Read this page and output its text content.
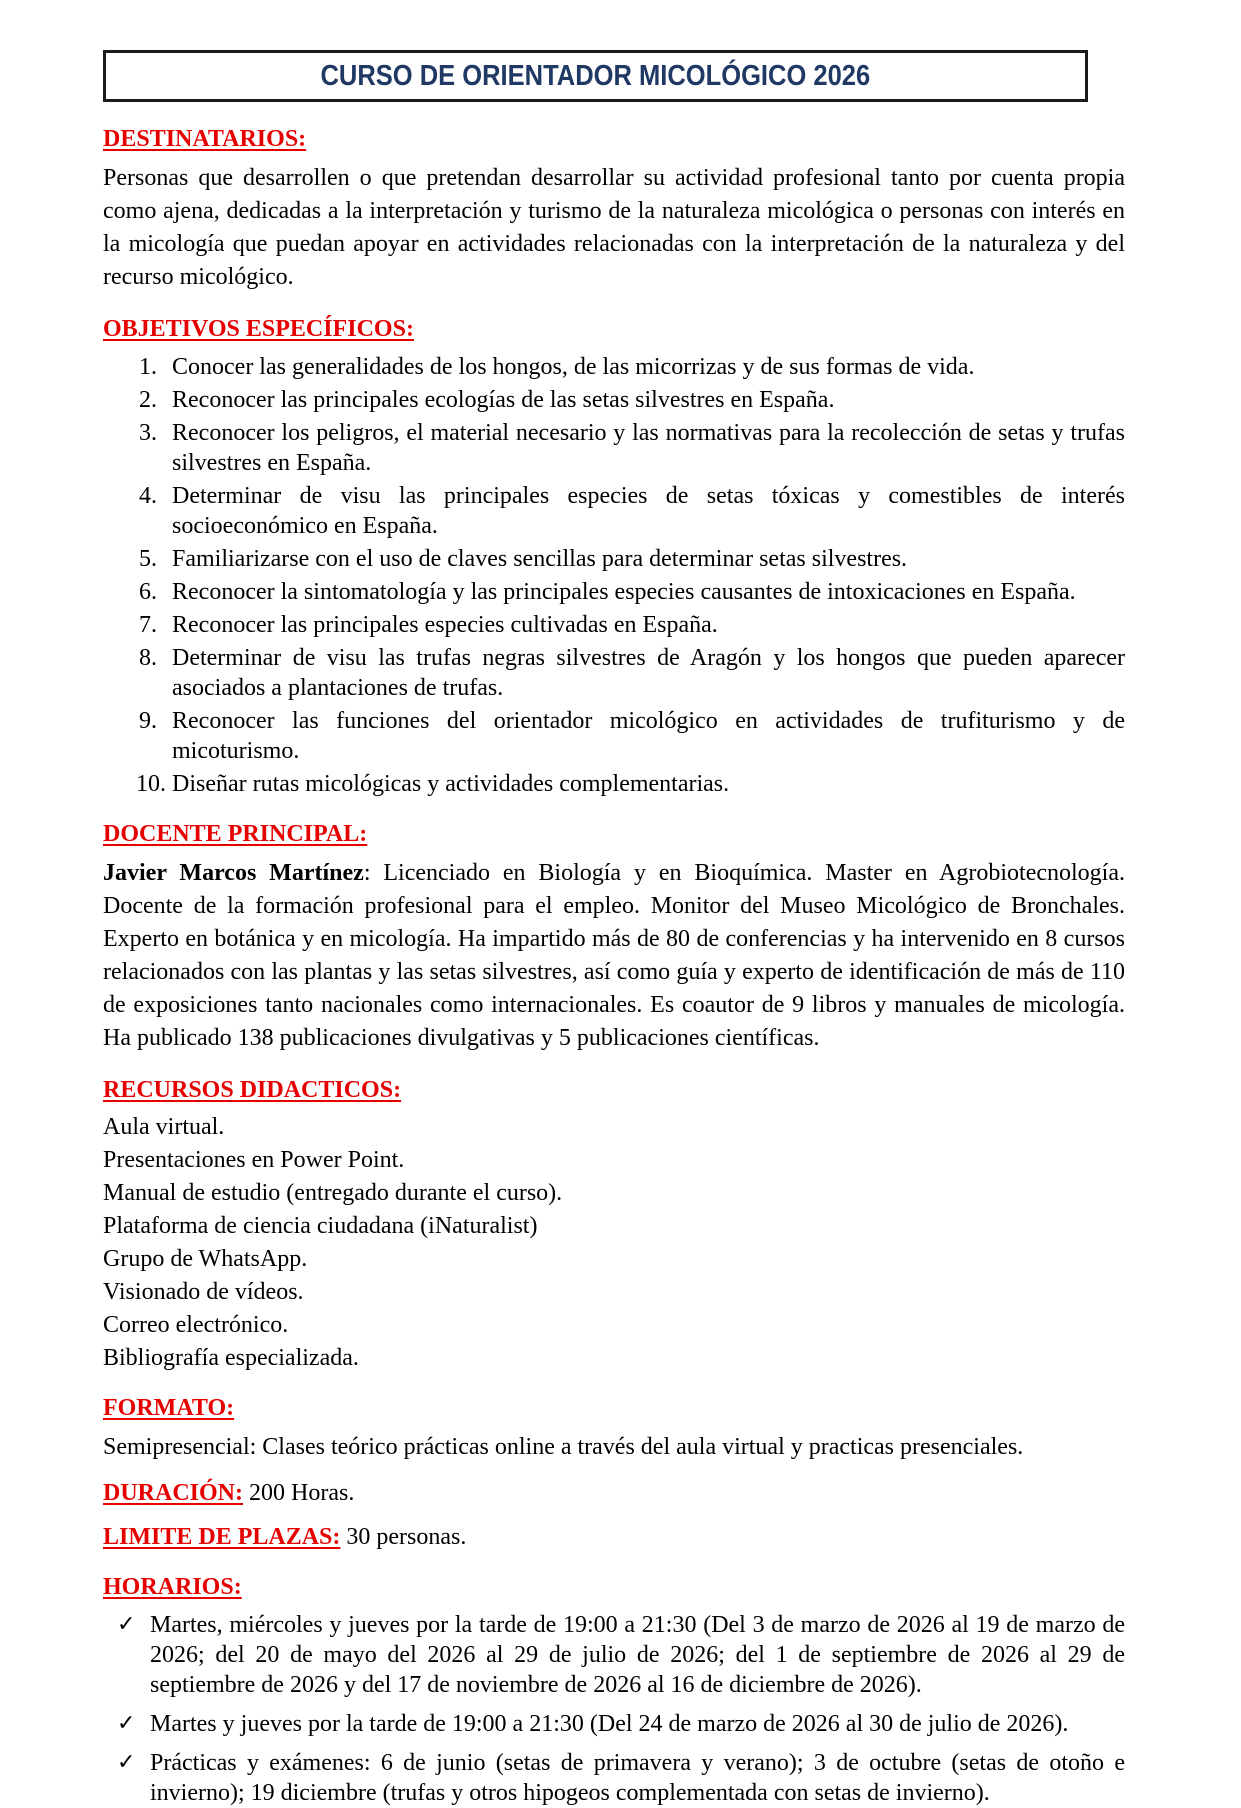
CURSO DE ORIENTADOR MICOLÓGICO 2026
DESTINATARIOS:

Personas que desarrollen o que pretendan desarrollar su actividad profesional tanto por cuenta propia como ajena, dedicadas a la interpretación y turismo de la naturaleza micológica o personas con interés en la micología que puedan apoyar en actividades relacionadas con la interpretación de la naturaleza y del recurso micológico.

OBJETIVOS ESPECÍFICOS:
1. Conocer las generalidades de los hongos, de las micorrizas y de sus formas de vida.
2. Reconocer las principales ecologías de las setas silvestres en España.
3. Reconocer los peligros, el material necesario y las normativas para la recolección de setas y trufas silvestres en España.
4. Determinar de visu las principales especies de setas tóxicas y comestibles de interés socioeconómico en España.
5. Familiarizarse con el uso de claves sencillas para determinar setas silvestres.
6. Reconocer la sintomatología y las principales especies causantes de intoxicaciones en España.
7. Reconocer las principales especies cultivadas en España.
8. Determinar de visu las trufas negras silvestres de Aragón y los hongos que pueden aparecer asociados a plantaciones de trufas.
9. Reconocer las funciones del orientador micológico en actividades de trufiturismo y de micoturismo.
10. Diseñar rutas micológicas y actividades complementarias.
DOCENTE PRINCIPAL:

Javier Marcos Martínez: Licenciado en Biología y en Bioquímica. Master en Agrobiotecnología. Docente de la formación profesional para el empleo. Monitor del Museo Micológico de Bronchales. Experto en botánica y en micología. Ha impartido más de 80 de conferencias y ha intervenido en 8 cursos relacionados con las plantas y las setas silvestres, así como guía y experto de identificación de más de 110 de exposiciones tanto nacionales como internacionales. Es coautor de 9 libros y manuales de micología. Ha publicado 138 publicaciones divulgativas y 5 publicaciones científicas.

RECURSOS DIDACTICOS:
Aula virtual.
Presentaciones en Power Point.
Manual de estudio (entregado durante el curso).
Plataforma de ciencia ciudadana (iNaturalist)
Grupo de WhatsApp.
Visionado de vídeos.
Correo electrónico.
Bibliografía especializada.
FORMATO:

Semipresencial: Clases teórico prácticas online a través del aula virtual y practicas presenciales.

DURACIÓN: 200 Horas.

LIMITE DE PLAZAS: 30 personas.

HORARIOS:
✓ Martes, miércoles y jueves por la tarde de 19:00 a 21:30 (Del 3 de marzo de 2026 al 19 de marzo de 2026; del 20 de mayo del 2026 al 29 de julio de 2026; del 1 de septiembre de 2026 al 29 de septiembre de 2026 y del 17 de noviembre de 2026 al 16 de diciembre de 2026).
✓ Martes y jueves por la tarde de 19:00 a 21:30 (Del 24 de marzo de 2026 al 30 de julio de 2026).
✓ Prácticas y exámenes: 6 de junio (setas de primavera y verano); 3 de octubre (setas de otoño e invierno); 19 diciembre (trufas y otros hipogeos complementada con setas de invierno).
